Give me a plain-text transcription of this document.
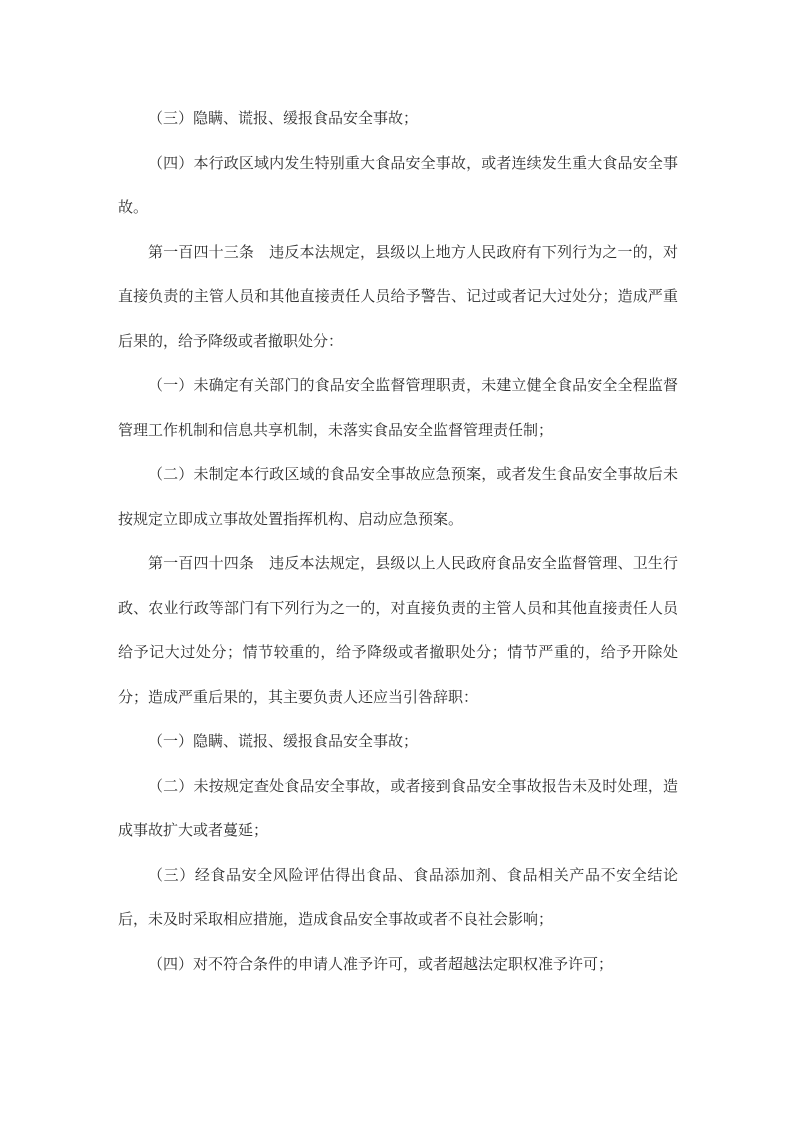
（三）隐瞒、谎报、缓报食品安全事故；

（四）本行政区域内发生特别重大食品安全事故，或者连续发生重大食品安全事故。

第一百四十三条　违反本法规定，县级以上地方人民政府有下列行为之一的，对直接负责的主管人员和其他直接责任人员给予警告、记过或者记大过处分；造成严重后果的，给予降级或者撤职处分：

（一）未确定有关部门的食品安全监督管理职责，未建立健全食品安全全程监督管理工作机制和信息共享机制，未落实食品安全监督管理责任制；

（二）未制定本行政区域的食品安全事故应急预案，或者发生食品安全事故后未按规定立即成立事故处置指挥机构、启动应急预案。

第一百四十四条　违反本法规定，县级以上人民政府食品安全监督管理、卫生行政、农业行政等部门有下列行为之一的，对直接负责的主管人员和其他直接责任人员给予记大过处分；情节较重的，给予降级或者撤职处分；情节严重的，给予开除处分；造成严重后果的，其主要负责人还应当引咎辞职：

（一）隐瞒、谎报、缓报食品安全事故；

（二）未按规定查处食品安全事故，或者接到食品安全事故报告未及时处理，造成事故扩大或者蔓延；

（三）经食品安全风险评估得出食品、食品添加剂、食品相关产品不安全结论后，未及时采取相应措施，造成食品安全事故或者不良社会影响；

（四）对不符合条件的申请人准予许可，或者超越法定职权准予许可；
